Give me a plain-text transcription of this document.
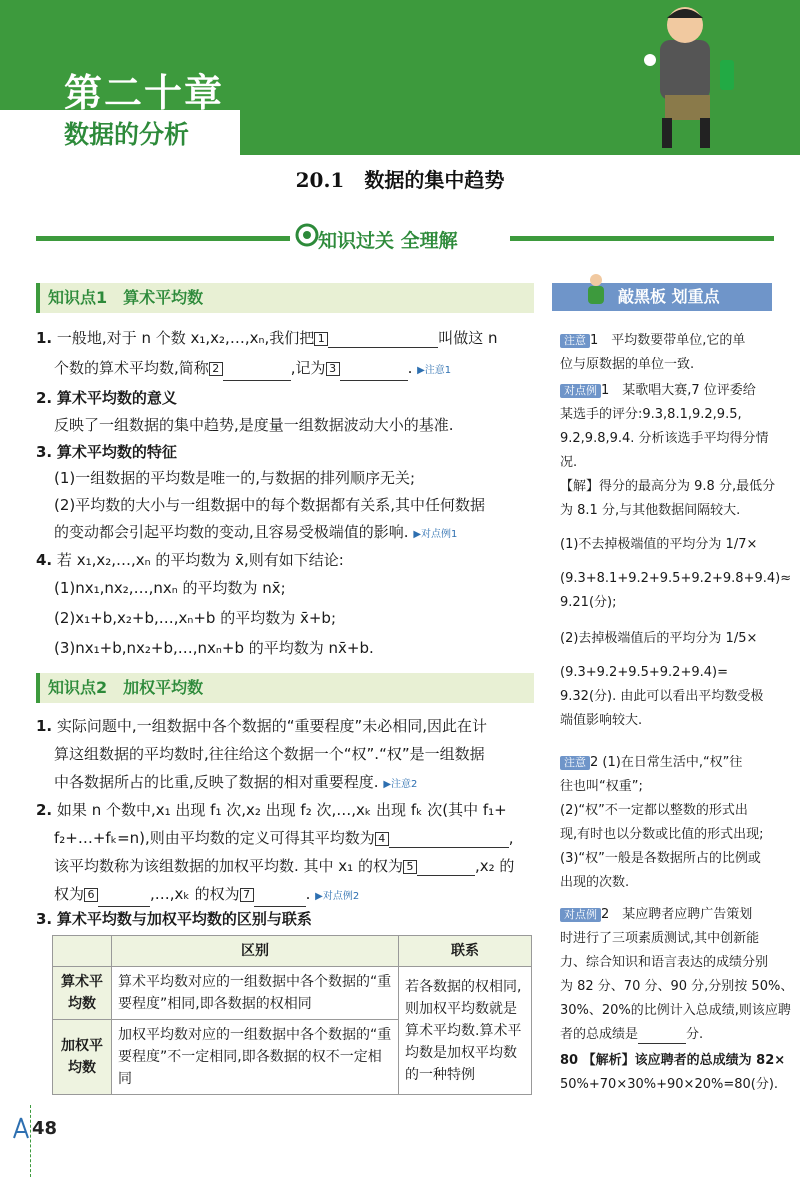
第二十章
数据的分析
20.1　数据的集中趋势
知识过关 全理解
知识点1　算术平均数
1. 一般地,对于 n 个数 x₁,x₂,…,xₙ,我们把 1	叫做这 n
个数的算术平均数,简称 2	,记为 3	. ▶注意1
2. 算术平均数的意义
反映了一组数据的集中趋势,是度量一组数据波动大小的基准.
3. 算术平均数的特征
(1)一组数据的平均数是唯一的,与数据的排列顺序无关;
(2)平均数的大小与一组数据中的每个数据都有关系,其中任何数据
的变动都会引起平均数的变动,且容易受极端值的影响. ▶对点例1
4. 若 x₁,x₂,…,xₙ 的平均数为 x̄,则有如下结论:
(1)nx₁,nx₂,…,nxₙ 的平均数为 nx̄;
(2)x₁+b,x₂+b,…,xₙ+b 的平均数为 x̄+b;
(3)nx₁+b,nx₂+b,…,nxₙ+b 的平均数为 nx̄+b.
知识点2　加权平均数
1. 实际问题中,一组数据中各个数据的“重要程度”未必相同,因此在计
算这组数据的平均数时,往往给这个数据一个“权”.“权”是一组数据
中各数据所占的比重,反映了数据的相对重要程度. ▶注意2
2. 如果 n 个数中,x₁ 出现 f₁ 次,x₂ 出现 f₂ 次,…,xₖ 出现 fₖ 次(其中 f₁+
f₂+…+fₖ=n),则由平均数的定义可得其平均数为 4	,
该平均数称为该组数据的加权平均数. 其中 x₁ 的权为 5	,x₂ 的
权为 6	,…,xₖ 的权为 7	. ▶对点例2
3. 算术平均数与加权平均数的区别与联系
	区别	联系
算术平均数	算术平均数对应的一组数据中各个数据的“重要程度”相同,即各数据的权相同	若各数据的权相同,则加权平均数就是算术平均数.算术平均数是加权平均数的一种特例
加权平均数	加权平均数对应的一组数据中各个数据的“重要程度”不一定相同,即各数据的权不一定相同	
敲黑板 划重点
注意 1　平均数要带单位,它的单
位与原数据的单位一致.
对点例 1　某歌唱大赛,7 位评委给
某选手的评分:9.3,8.1,9.2,9.5,
9.2,9.8,9.4. 分析该选手平均得分情
况.
【解】得分的最高分为 9.8 分,最低分
为 8.1 分,与其他数据间隔较大.
(1)不去掉极端值的平均分为 1/7×
(9.3+8.1+9.2+9.5+9.2+9.8+9.4)≈
9.21(分);
(2)去掉极端值后的平均分为 1/5×
(9.3+9.2+9.5+9.2+9.4)=
9.32(分). 由此可以看出平均数受极
端值影响较大.
注意 2 (1)在日常生活中,“权”往
往也叫“权重”;
(2)“权”不一定都以整数的形式出
现,有时也以分数或比值的形式出现;
(3)“权”一般是各数据所占的比例或
出现的次数.
对点例 2　某应聘者应聘广告策划
时进行了三项素质测试,其中创新能
力、综合知识和语言表达的成绩分别
为 82 分、70 分、90 分,分别按 50%、
30%、20%的比例计入总成绩,则该应聘
者的总成绩是	分.
80 【解析】该应聘者的总成绩为 82×
50%+70×30%+90×20%=80(分).
48
